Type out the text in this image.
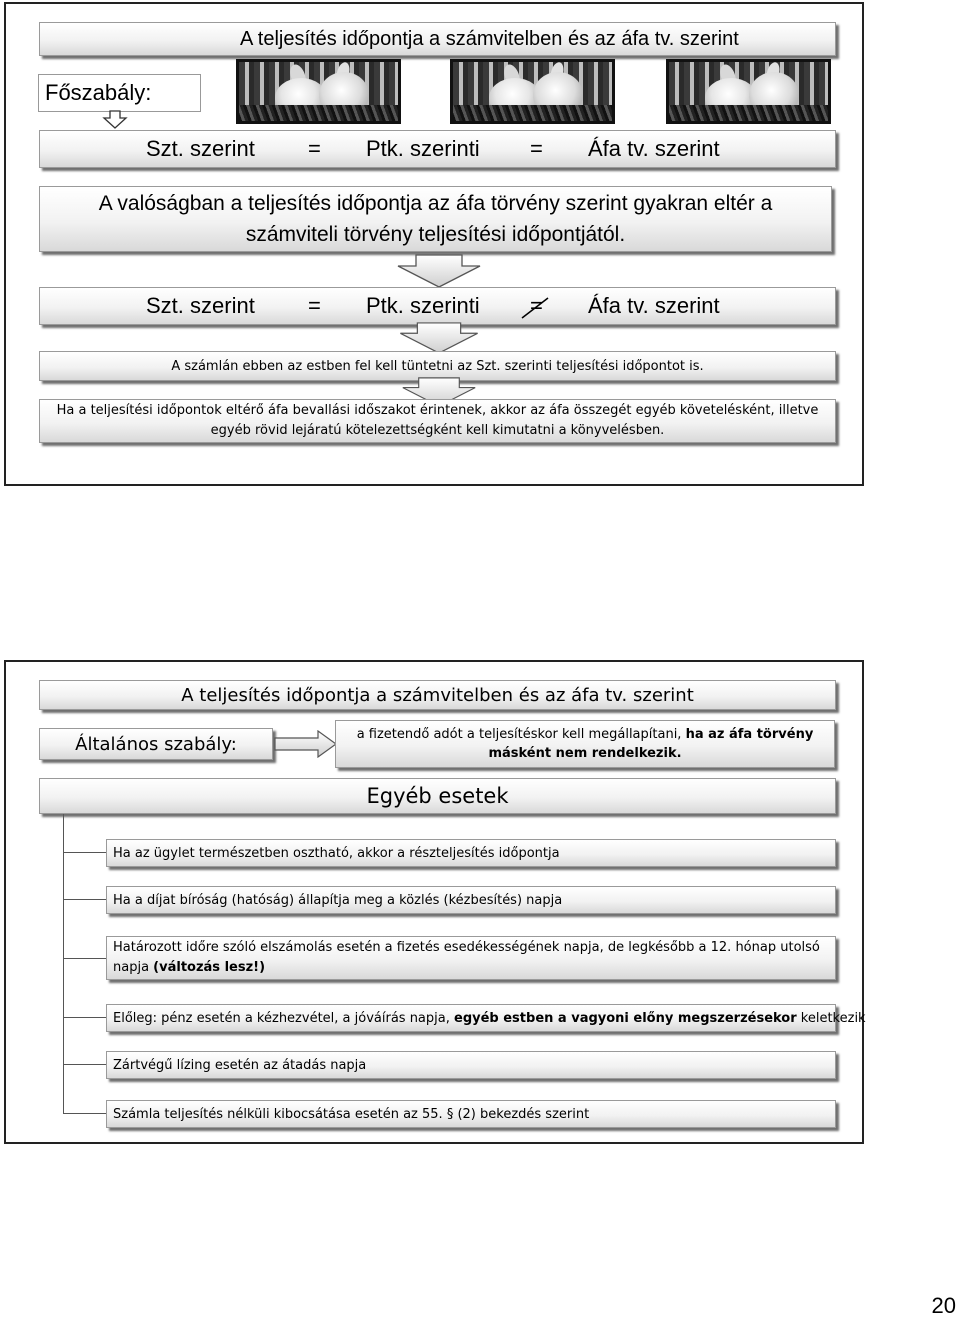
A teljesítés időpontja a számvitelben és az áfa tv. szerint
Főszabály:
Szt. szerint = Ptk. szerinti = Áfa tv. szerint
A valóságban a teljesítés időpontja az áfa törvény szerint gyakran eltér a számviteli törvény teljesítési időpontjától.
Szt. szerint = Ptk. szerinti = Áfa tv. szerint
A számlán ebben az estben fel kell tüntetni az Szt. szerinti teljesítési időpontot is.
Ha a teljesítési időpontok eltérő áfa bevallási időszakot érintenek, akkor az áfa összegét egyéb követelésként, illetve egyéb rövid lejáratú kötelezettségként kell kimutatni a könyvelésben.
A teljesítés időpontja a számvitelben és az áfa tv. szerint
Általános szabály:	a fizetendő adót a teljesítéskor kell megállapítani, ha az áfa törvény másként nem rendelkezik.
Egyéb esetek
Ha az ügylet természetben osztható, akkor a részteljesítés időpontja
Ha a díjat bíróság (hatóság) állapítja meg a közlés (kézbesítés) napja
Határozott időre szóló elszámolás esetén a fizetés esedékességének napja, de legkésőbb a 12. hónap utolsó napja (változás lesz!)
Előleg: pénz esetén a kézhezvétel, a jóváírás napja, egyéb estben a vagyoni előny megszerzésekor keletkezik
Zártvégű lízing esetén az átadás napja
Számla teljesítés nélküli kibocsátása esetén az 55. § (2) bekezdés szerint
20
